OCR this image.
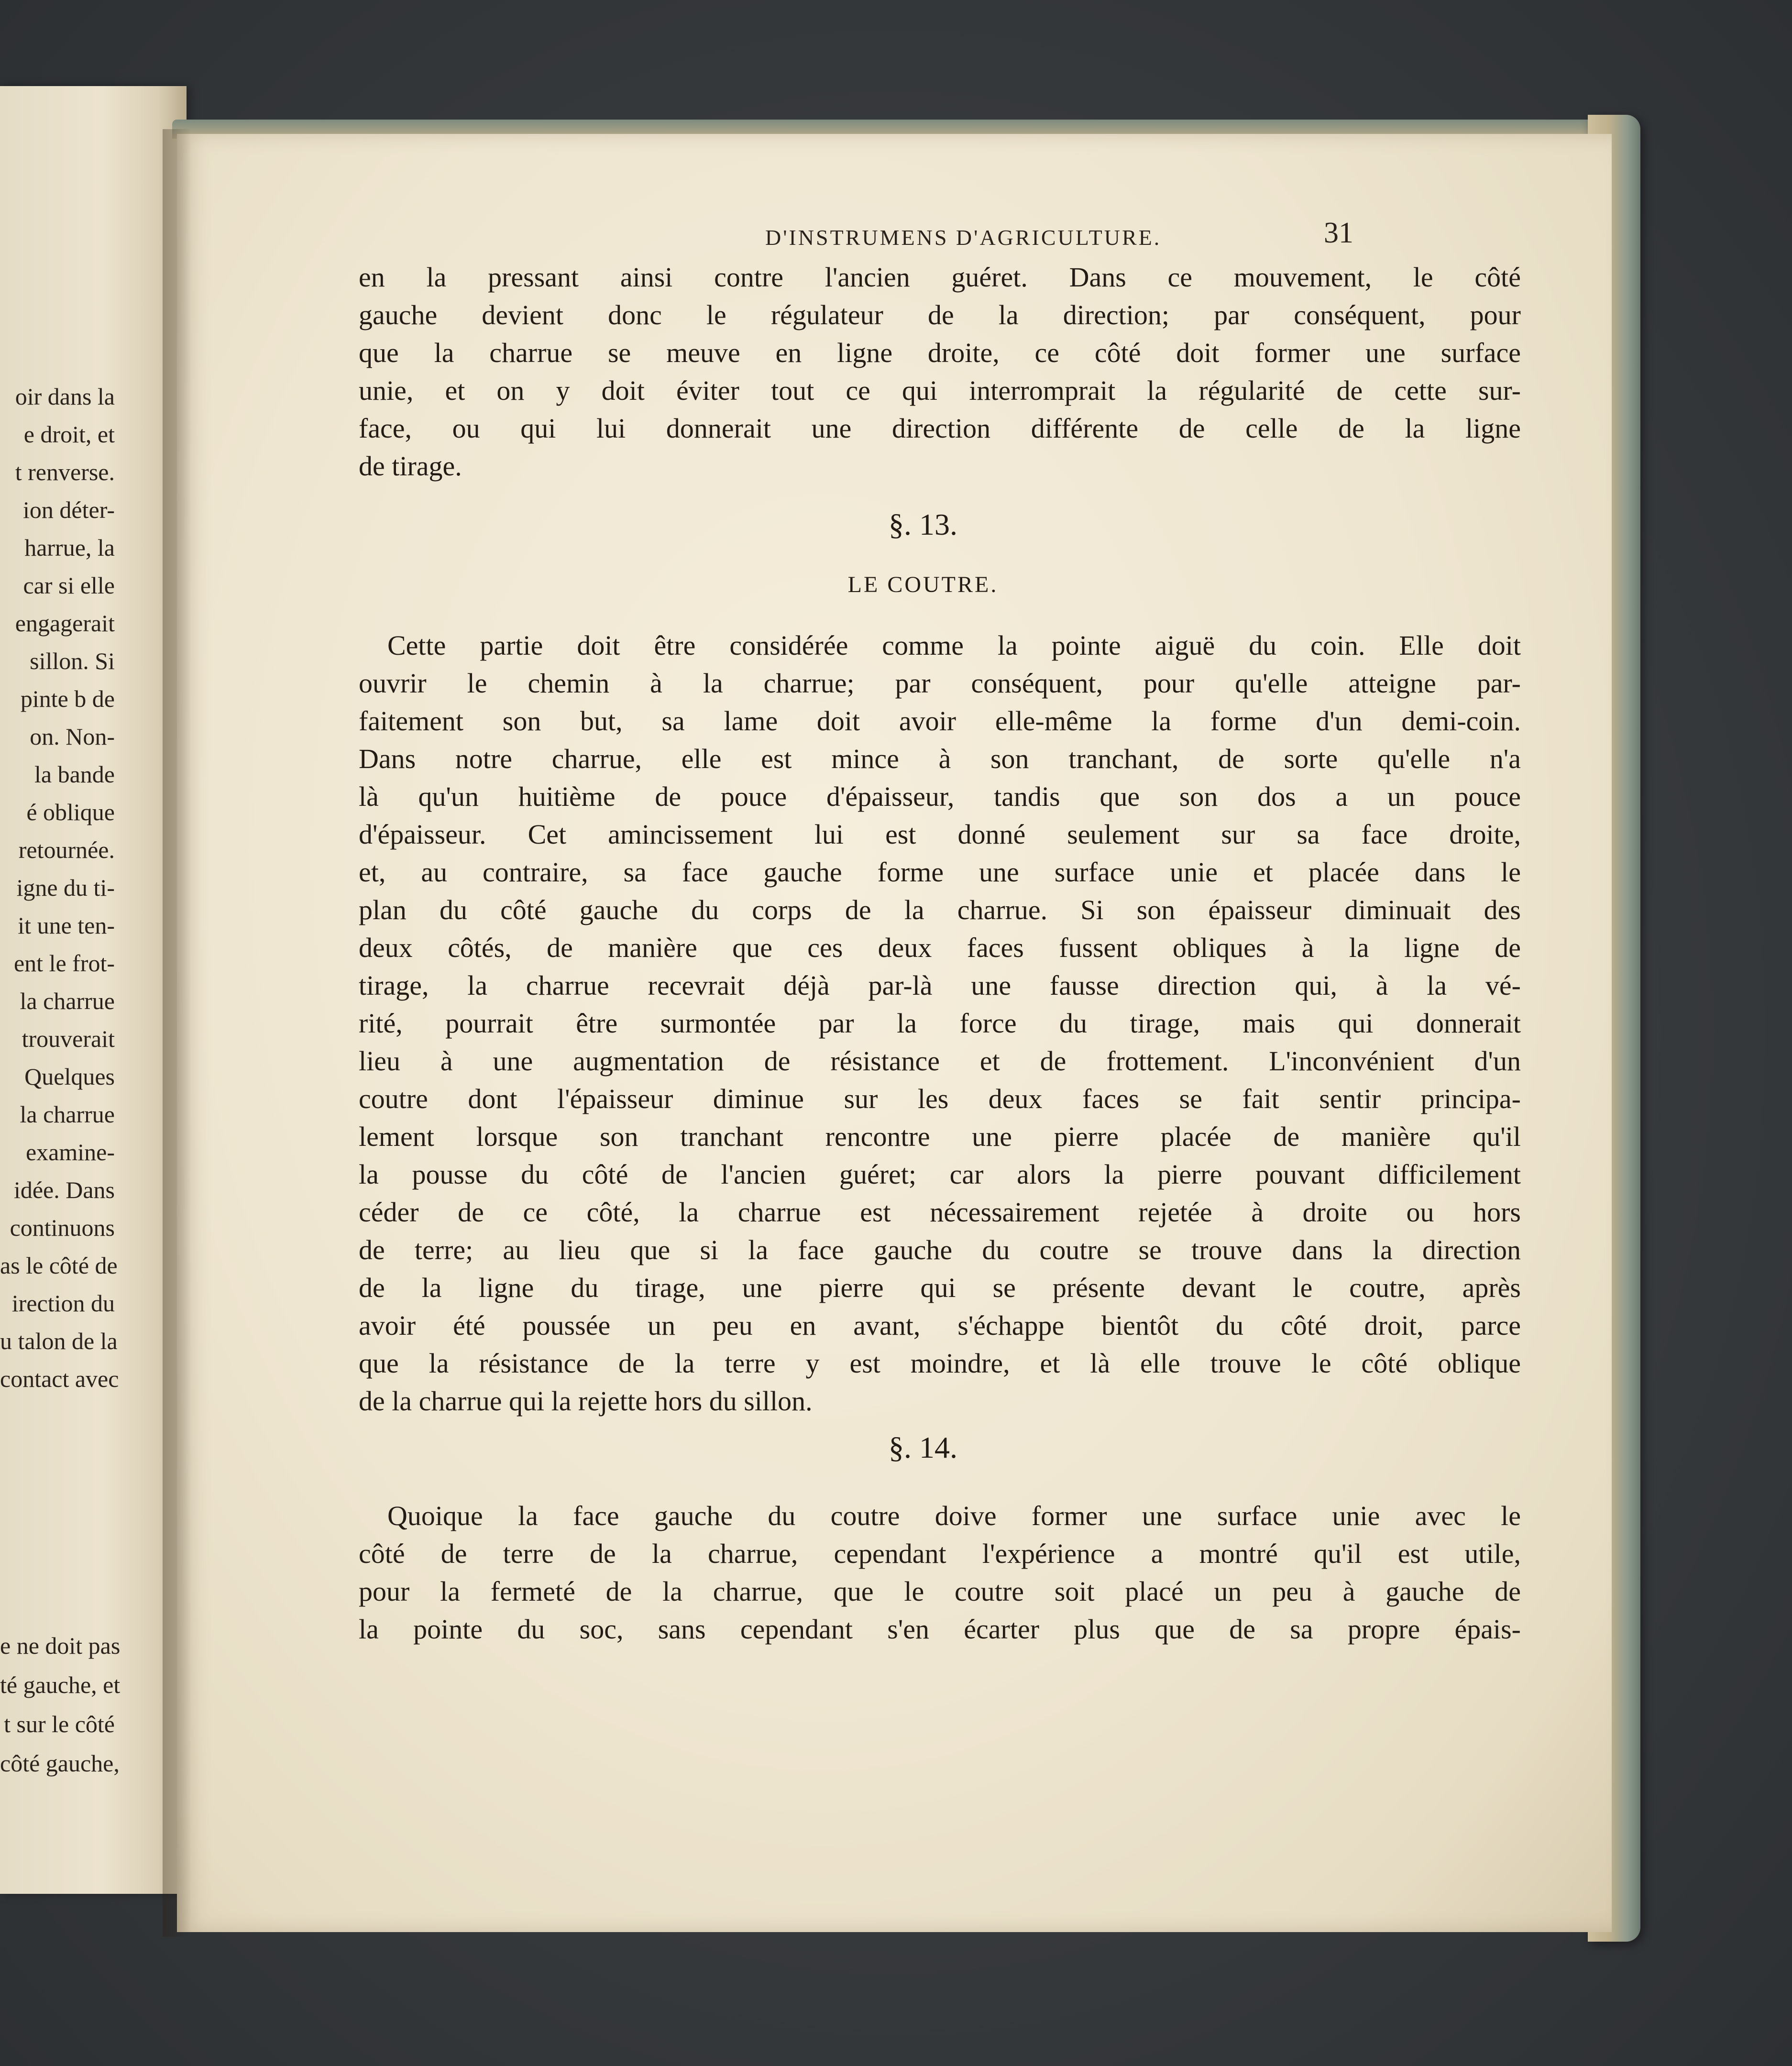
oir dans la
e droit, et
t renverse.
ion déter-
harrue, la
car si elle
engagerait
sillon. Si
pinte b de
on. Non-
la bande
é oblique
retournée.
igne du ti-
it une ten-
ent le frot-
la charrue
trouverait
Quelques
la charrue
examine-
idée. Dans
continuons
as le côté de
irection du
u talon de la
contact avec
e ne doit pas
té gauche, et
t sur le côté
côté gauche,
D'INSTRUMENS D'AGRICULTURE.	31

en la pressant ainsi contre l'ancien guéret. Dans ce mouvement, le côté
gauche devient donc le régulateur de la direction; par conséquent, pour
que la charrue se meuve en ligne droite, ce côté doit former une surface
unie, et on y doit éviter tout ce qui interromprait la régularité de cette sur-
face, ou qui lui donnerait une direction différente de celle de la ligne
de tirage.
§. 13.
LE COUTRE.
Cette partie doit être considérée comme la pointe aiguë du coin. Elle doit
ouvrir le chemin à la charrue; par conséquent, pour qu'elle atteigne par-
faitement son but, sa lame doit avoir elle-même la forme d'un demi-coin.
Dans notre charrue, elle est mince à son tranchant, de sorte qu'elle n'a
là qu'un huitième de pouce d'épaisseur, tandis que son dos a un pouce
d'épaisseur. Cet amincissement lui est donné seulement sur sa face droite,
et, au contraire, sa face gauche forme une surface unie et placée dans le
plan du côté gauche du corps de la charrue. Si son épaisseur diminuait des
deux côtés, de manière que ces deux faces fussent obliques à la ligne de
tirage, la charrue recevrait déjà par-là une fausse direction qui, à la vé-
rité, pourrait être surmontée par la force du tirage, mais qui donnerait
lieu à une augmentation de résistance et de frottement. L'inconvénient d'un
coutre dont l'épaisseur diminue sur les deux faces se fait sentir principa-
lement lorsque son tranchant rencontre une pierre placée de manière qu'il
la pousse du côté de l'ancien guéret; car alors la pierre pouvant difficilement
céder de ce côté, la charrue est nécessairement rejetée à droite ou hors
de terre; au lieu que si la face gauche du coutre se trouve dans la direction
de la ligne du tirage, une pierre qui se présente devant le coutre, après
avoir été poussée un peu en avant, s'échappe bientôt du côté droit, parce
que la résistance de la terre y est moindre, et là elle trouve le côté oblique
de la charrue qui la rejette hors du sillon.
§. 14.
Quoique la face gauche du coutre doive former une surface unie avec le
côté de terre de la charrue, cependant l'expérience a montré qu'il est utile,
pour la fermeté de la charrue, que le coutre soit placé un peu à gauche de
la pointe du soc, sans cependant s'en écarter plus que de sa propre épais-
